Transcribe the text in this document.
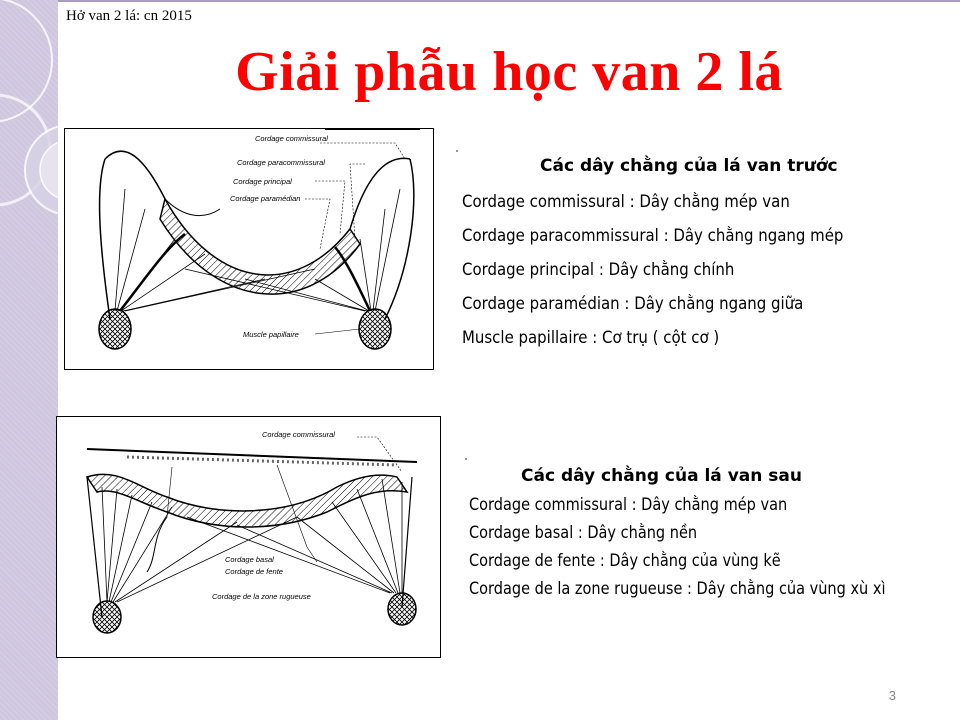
Hở van 2 lá: cn 2015
Giải phẫu học van 2 lá
Cordage commissural
Cordage paracommissural
Cordage principal
Cordage paramédian
Muscle papillaire
Các dây chằng của lá van trước
Cordage commissural : Dây chằng mép van
Cordage paracommissural : Dây chằng ngang mép
Cordage principal : Dây chằng chính
Cordage paramédian : Dây chằng ngang giữa
Muscle papillaire : Cơ trụ ( cột cơ )
Cordage commissural
Cordage basal
Cordage de fente
Cordage de la zone rugueuse
Các dây chằng của lá van sau
Cordage commissural : Dây chằng mép van
Cordage basal : Dây chằng nền
Cordage de fente : Dây chằng của vùng kẽ
Cordage de la zone rugueuse : Dây chằng của vùng xù xì
3
